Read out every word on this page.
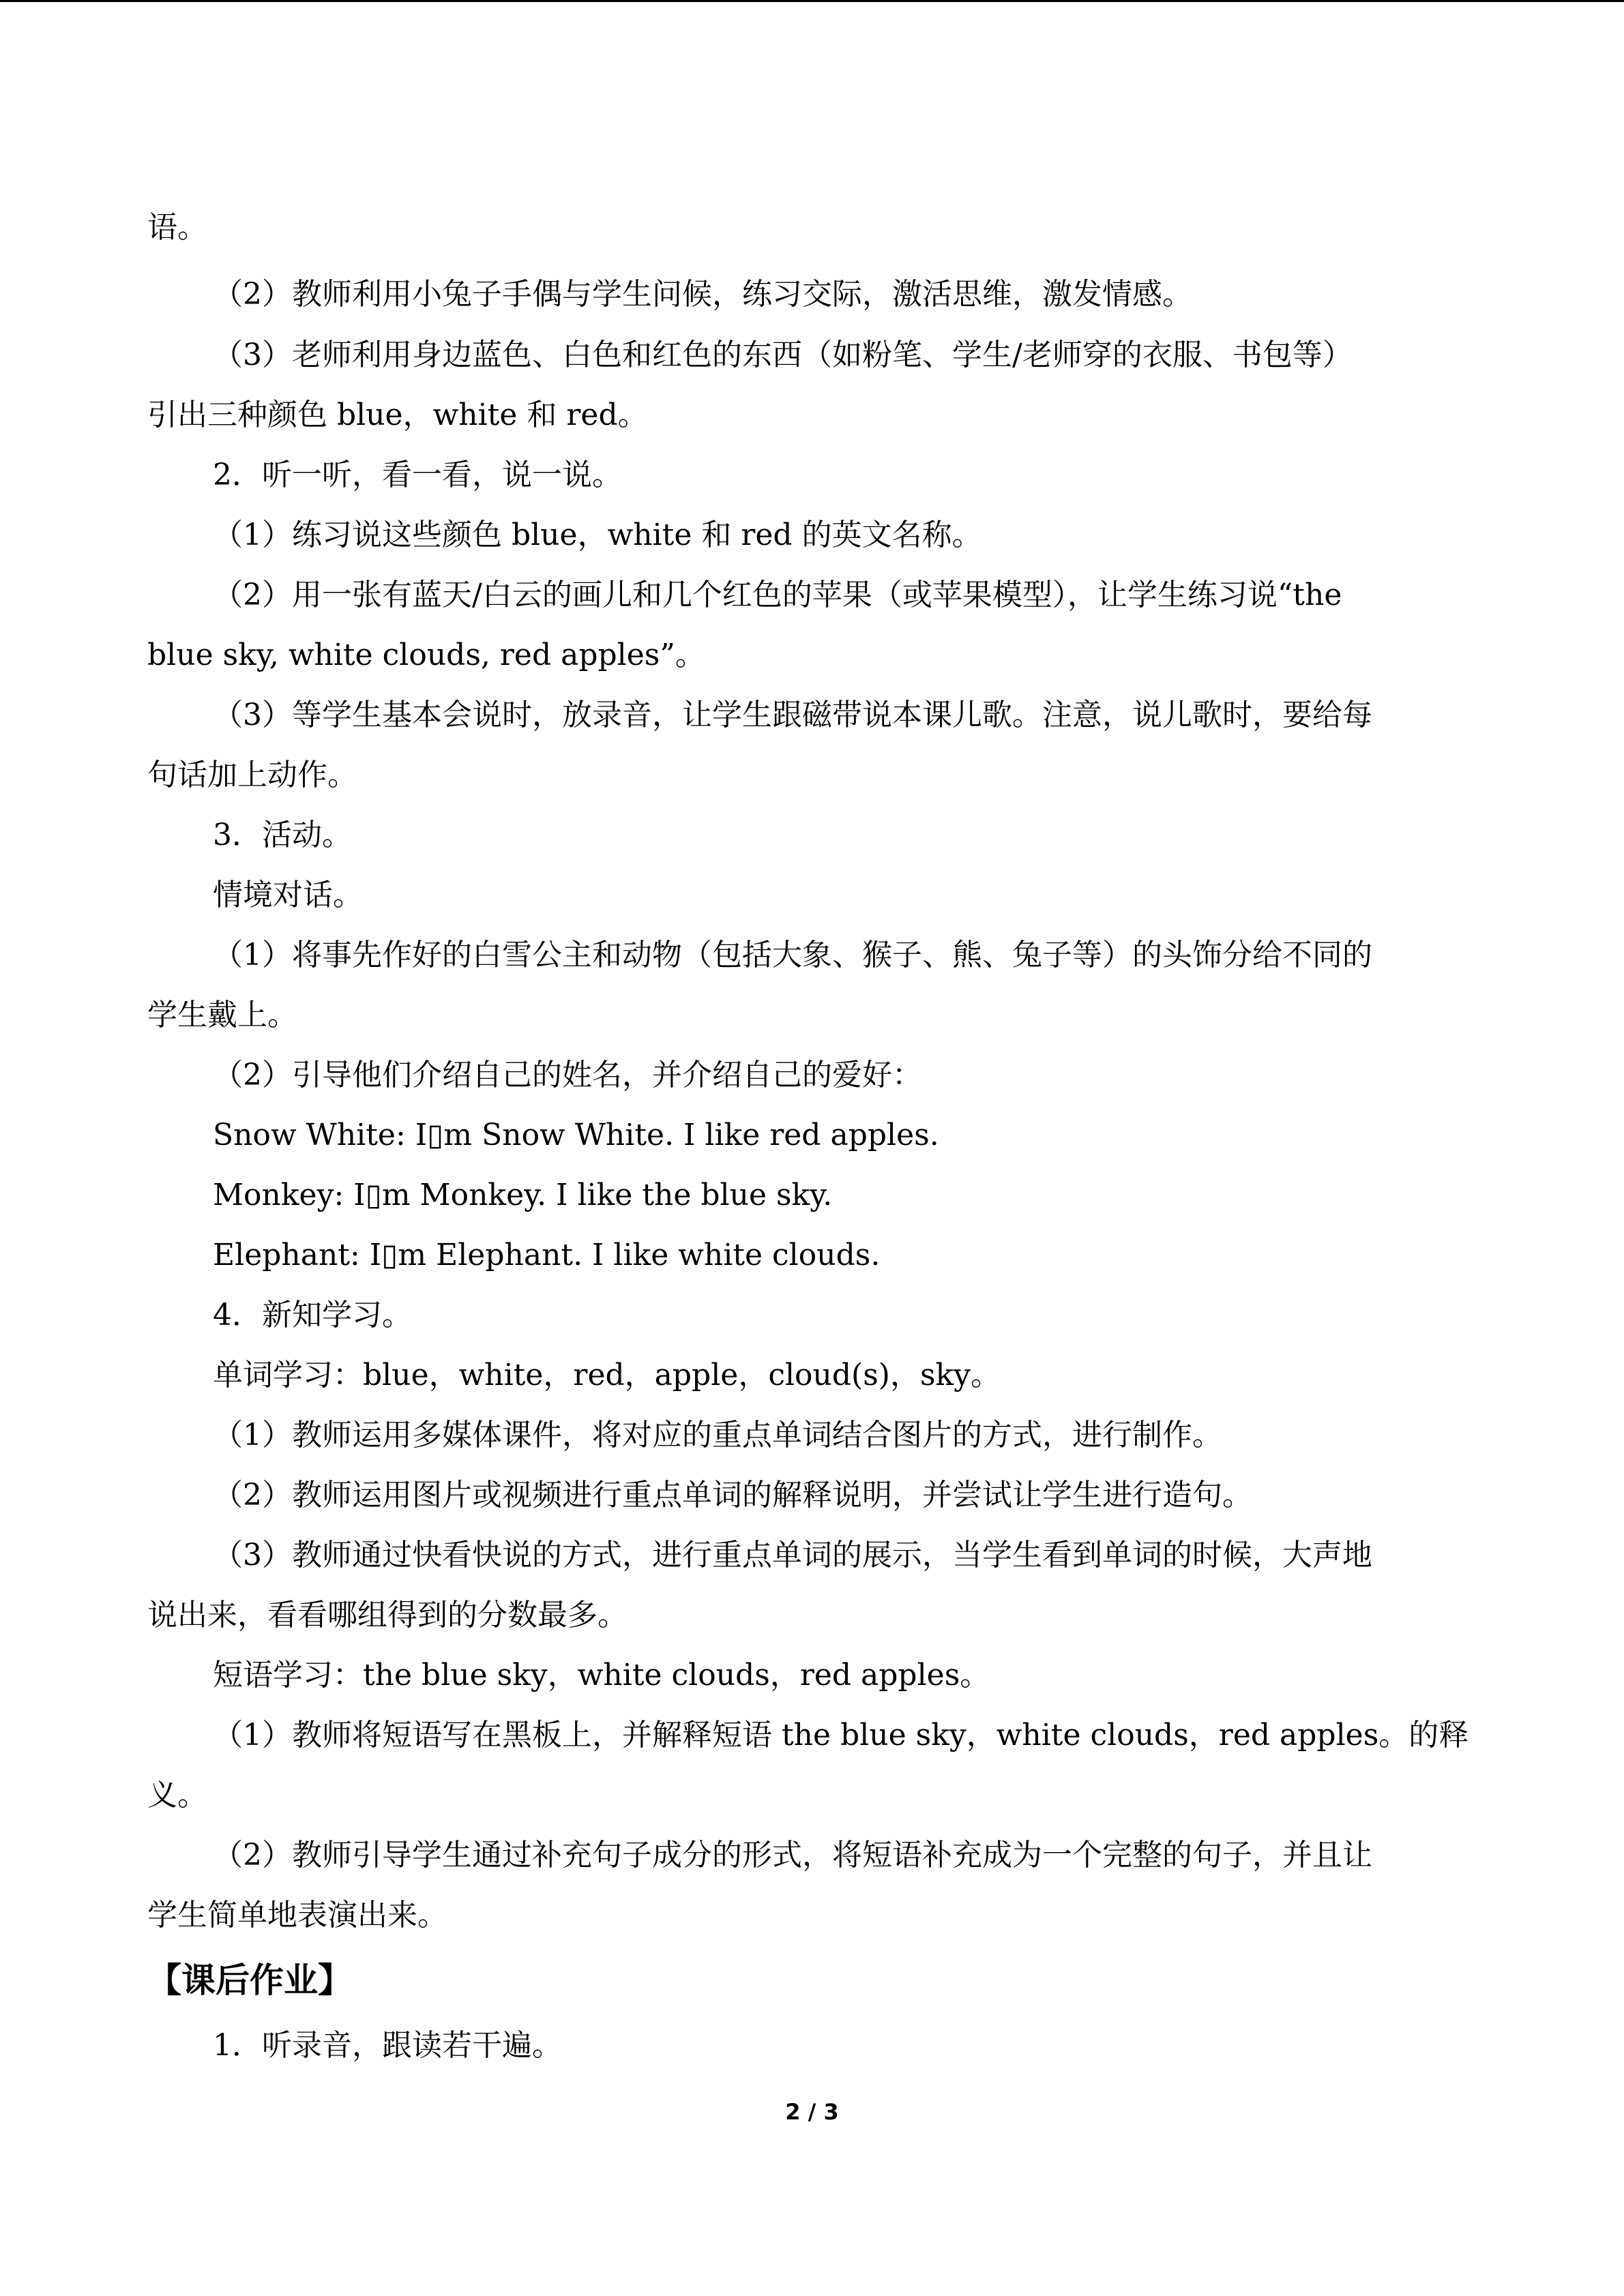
语。
（2）教师利用小兔子手偶与学生问候，练习交际，激活思维，激发情感。
（3）老师利用身边蓝色、白色和红色的东西（如粉笔、学生/老师穿的衣服、书包等）
引出三种颜色 blue，white 和 red。
2．听一听，看一看，说一说。
（1）练习说这些颜色 blue，white 和 red 的英文名称。
（2）用一张有蓝天/白云的画儿和几个红色的苹果（或苹果模型），让学生练习说“the
blue sky, white clouds, red apples”。
（3）等学生基本会说时，放录音，让学生跟磁带说本课儿歌。注意，说儿歌时，要给每
句话加上动作。
3．活动。
情境对话。
（1）将事先作好的白雪公主和动物（包括大象、猴子、熊、兔子等）的头饰分给不同的
学生戴上。
（2）引导他们介绍自己的姓名，并介绍自己的爱好：
Snow White: I▯m Snow White. I like red apples.
Monkey: I▯m Monkey. I like the blue sky.
Elephant: I▯m Elephant. I like white clouds.
4．新知学习。
单词学习：blue，white，red，apple，cloud(s)，sky。
（1）教师运用多媒体课件，将对应的重点单词结合图片的方式，进行制作。
（2）教师运用图片或视频进行重点单词的解释说明，并尝试让学生进行造句。
（3）教师通过快看快说的方式，进行重点单词的展示，当学生看到单词的时候，大声地
说出来，看看哪组得到的分数最多。
短语学习：the blue sky，white clouds，red apples。
（1）教师将短语写在黑板上，并解释短语 the blue sky，white clouds，red apples。的释
义。
（2）教师引导学生通过补充句子成分的形式，将短语补充成为一个完整的句子，并且让
学生简单地表演出来。
【课后作业】
1．听录音，跟读若干遍。
2 / 3
